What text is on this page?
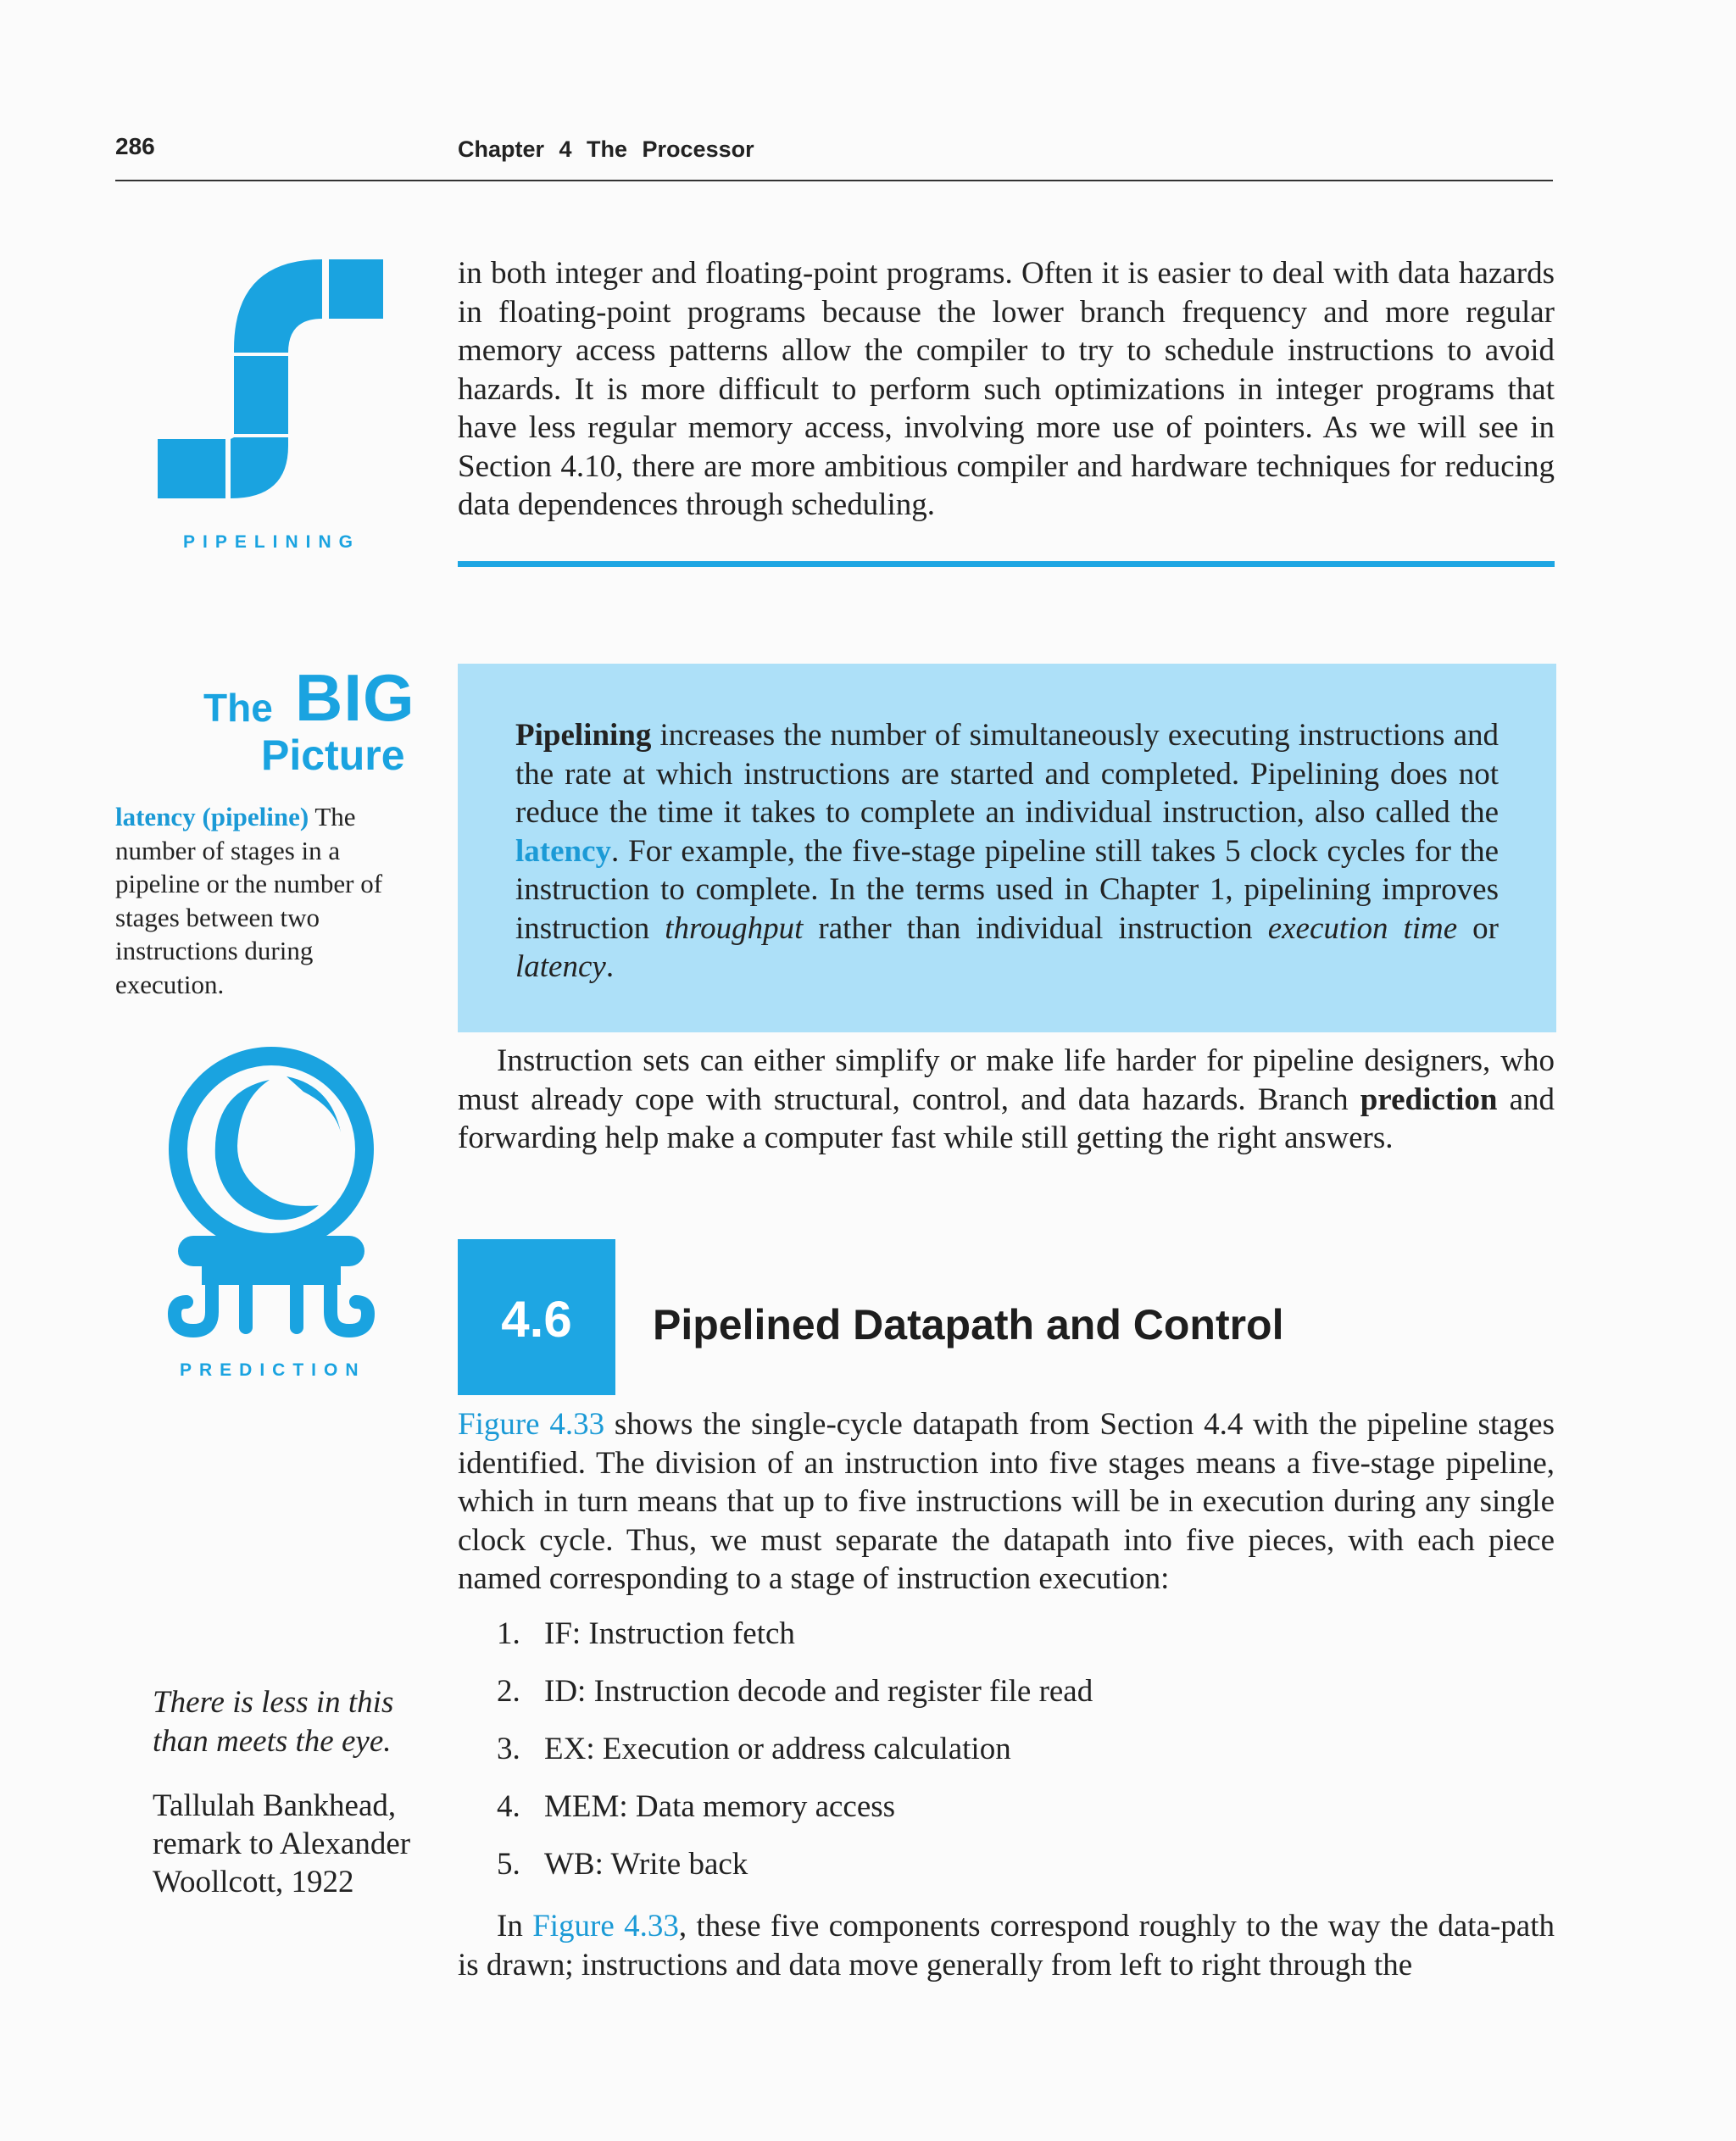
286	Chapter 4 The Processor
PIPELINING

in both integer and floating-point programs. Often it is easier to deal with data hazards in floating-point programs because the lower branch frequency and more regular memory access patterns allow the compiler to try to schedule instructions to avoid hazards. It is more difficult to perform such optimizations in integer programs that have less regular memory access, involving more use of pointers. As we will see in Section 4.10, there are more ambitious compiler and hardware techniques for reducing data dependences through scheduling.

The BIG
Picture
latency (pipeline) The number of stages in a pipeline or the number of stages between two instructions during execution.

Pipelining increases the number of simultaneously executing instructions and the rate at which instructions are started and completed. Pipelining does not reduce the time it takes to complete an individual instruction, also called the latency. For example, the five-stage pipeline still takes 5 clock cycles for the instruction to complete. In the terms used in Chapter 1, pipelining improves instruction throughput rather than individual instruction execution time or latency.

PREDICTION

Instruction sets can either simplify or make life harder for pipeline designers, who must already cope with structural, control, and data hazards. Branch prediction and forwarding help make a computer fast while still getting the right answers.

4.6	Pipelined Datapath and Control

Figure 4.33 shows the single-cycle datapath from Section 4.4 with the pipeline stages identified. The division of an instruction into five stages means a five-stage pipeline, which in turn means that up to five instructions will be in execution during any single clock cycle. Thus, we must separate the datapath into five pieces, with each piece named corresponding to a stage of instruction execution:

1. IF: Instruction fetch
2. ID: Instruction decode and register file read
3. EX: Execution or address calculation
4. MEM: Data memory access
5. WB: Write back
There is less in this than meets the eye.
Tallulah Bankhead, remark to Alexander Woollcott, 1922

In Figure 4.33, these five components correspond roughly to the way the data-path is drawn; instructions and data move generally from left to right through the
